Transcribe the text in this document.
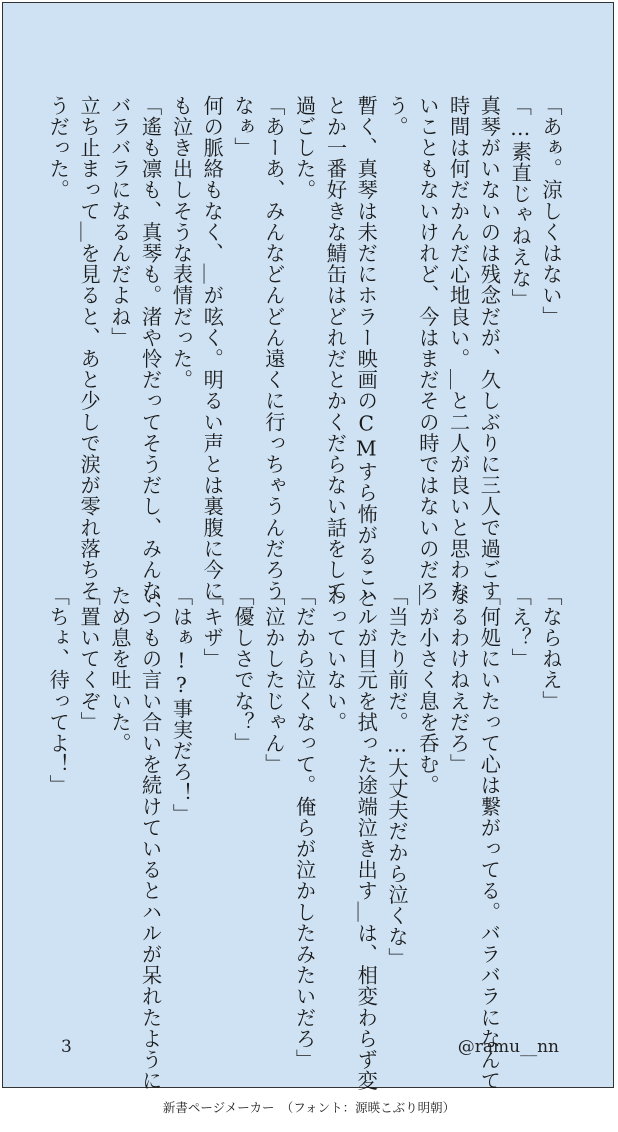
「あぁ。涼しくはない」

「…素直じゃねえな」

真琴がいないのは残念だが、久しぶりに三人で過ごす

時間は何だかんだ心地良い。＿と二人が良いと思わな

いこともないけれど、今はまだその時ではないのだろ

う。

暫く、真琴は未だにホラー映画のCMすら怖がること

とか一番好きな鯖缶はどれだとかくだらない話をして

過ごした。

「あーあ、みんなどんどん遠くに行っちゃうんだろう

なぁ」

何の脈絡もなく、＿が呟く。明るい声とは裏腹に今に

も泣き出しそうな表情だった。

「遙も凛も、真琴も。渚や怜だってそうだし、みんな、

バラバラになるんだよね」

立ち止まって＿を見ると、あと少しで涙が零れ落ちそ

うだった。

「ならねえ」

「え？」

「何処にいたって心は繋がってる。バラバラになんて

なるわけねえだろ」

＿が小さく息を呑む。

「当たり前だ。…大丈夫だから泣くな」

ハルが目元を拭った途端泣き出す＿は、相変わらず変

わっていない。

「だから泣くなって。俺らが泣かしたみたいだろ」

「泣かしたじゃん」

「優しさでな？」

「キザ」

「はぁ!?事実だろ！」

いつもの言い合いを続けているとハルが呆れたように

ため息を吐いた。

「置いてくぞ」

「ちょ、待ってよ！」

3	@ramu__nn
新書ページメーカー　（フォント：源暎こぶり明朝）
